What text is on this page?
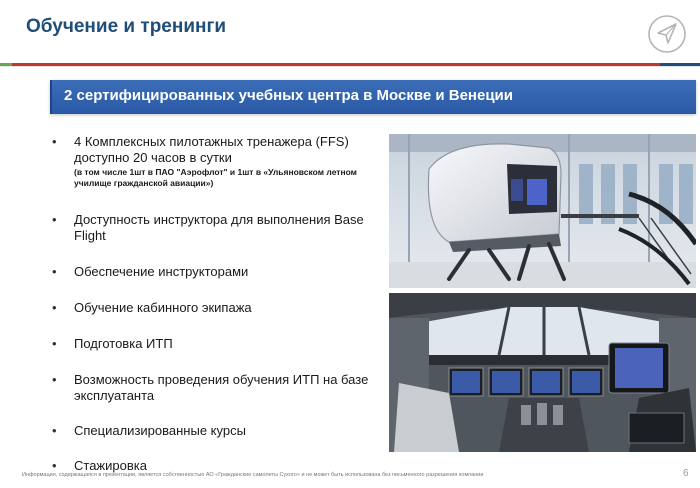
Обучение и тренинги
2 сертифицированных учебных центра в Москве и Венеции
• 4 Комплексных пилотажных тренажера (FFS) доступно 20 часов в сутки
(в том числе 1шт в ПАО "Аэрофлот" и 1шт в «Ульяновском летном училище гражданской авиации»)
• Доступность инструктора для выполнения Base Flight
• Обеспечение инструкторами
• Обучение кабинного экипажа
• Подготовка ИТП
• Возможность проведения обучения ИТП на базе эксплуатанта
• Специализированные курсы
• Стажировка
Информация, содержащаяся в презентации, является собственностью АО «Гражданские самолеты Сухого» и не может быть использована без письменного разрешения компании	6
